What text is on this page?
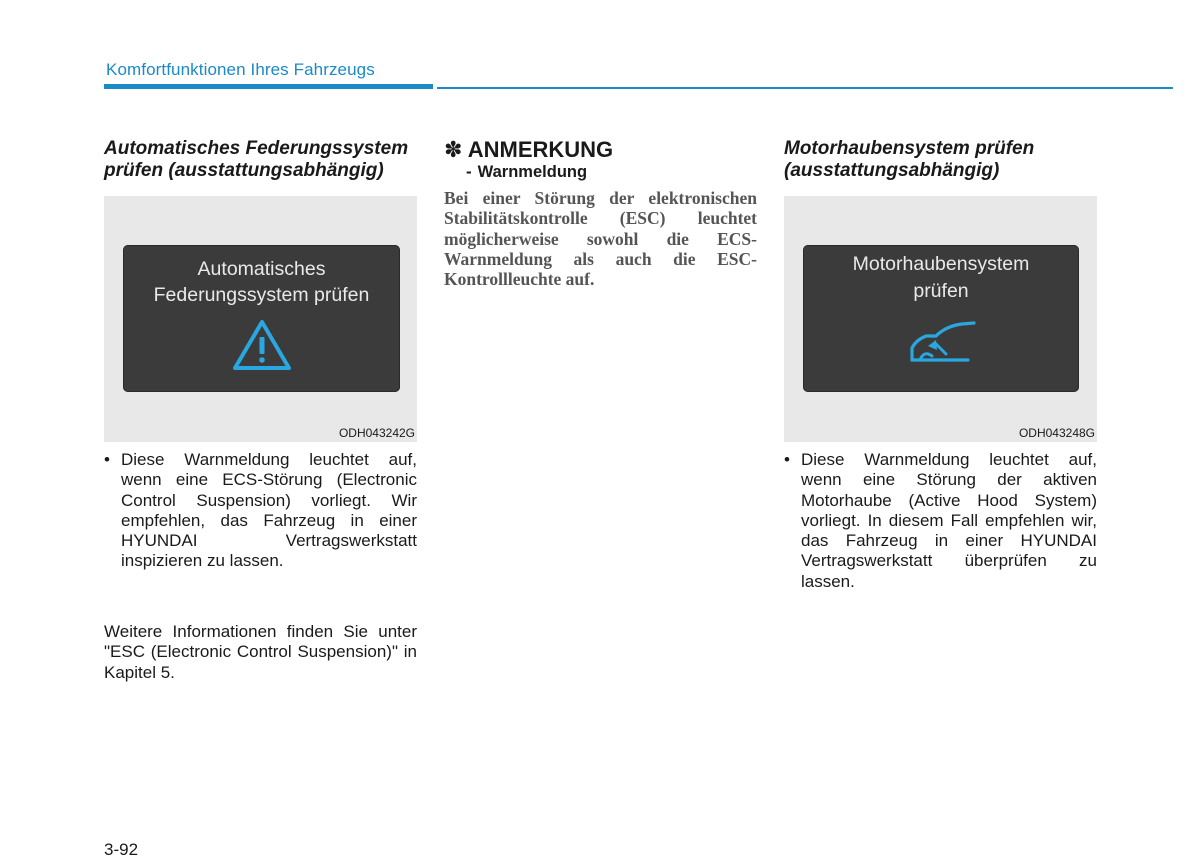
Komfortfunktionen Ihres Fahrzeugs

Automatisches Federungssystem
prüfen (ausstattungsabhängig)

Automatisches
Federungssystem prüfen
ODH043242G
• Diese Warnmeldung leuchtet auf, wenn eine ECS-Störung (Electronic Control Suspension) vorliegt. Wir empfehlen, das Fahrzeug in einer HYUNDAI Vertragswerkstatt inspizieren zu lassen.
Weitere Informationen finden Sie unter "ESC (Electronic Control Suspension)" in Kapitel 5.
✽ ANMERKUNG
- Warnmeldung
Bei einer Störung der elektronischen Stabilitätskontrolle (ESC) leuchtet möglicherweise sowohl die ECS-Warnmeldung als auch die ESC-Kontrollleuchte auf.

Motorhaubensystem prüfen
(ausstattungsabhängig)

Motorhaubensystem
prüfen
ODH043248G
• Diese Warnmeldung leuchtet auf, wenn eine Störung der aktiven Motorhaube (Active Hood System) vorliegt. In diesem Fall empfehlen wir, das Fahrzeug in einer HYUNDAI Vertragswerkstatt überprüfen zu lassen.
3-92
